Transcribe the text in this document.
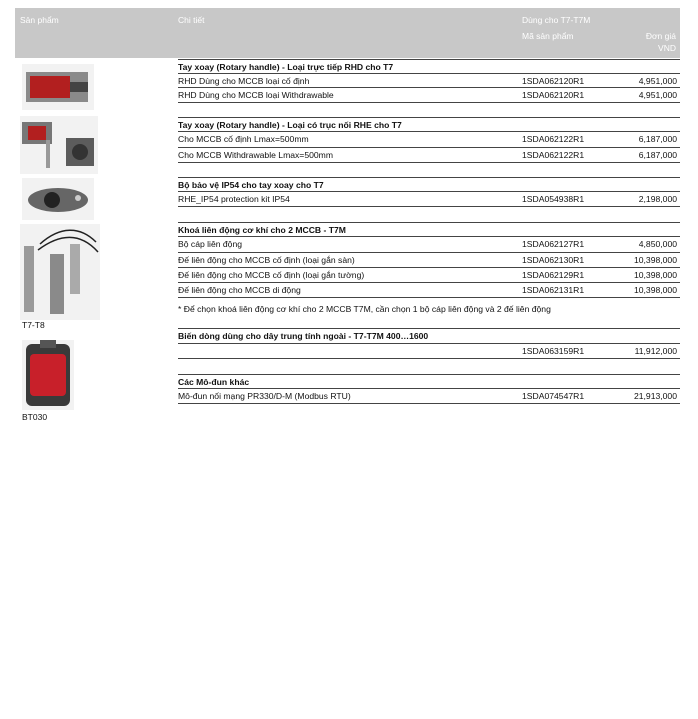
Sản phẩm	Chi tiết	Dùng cho T7-T7M
Mã sản phẩm	Đơn giá
VND
T7-T8
BT030
Tay xoay (Rotary handle) - Loại trực tiếp RHD cho T7
RHD Dùng cho MCCB loại cố định	1SDA062120R1	4,951,000
RHD Dùng cho MCCB loại Withdrawable	1SDA062120R1	4,951,000
Tay xoay (Rotary handle) - Loại có trục nối RHE cho T7
Cho MCCB cố định Lmax=500mm	1SDA062122R1	6,187,000
Cho MCCB Withdrawable Lmax=500mm	1SDA062122R1	6,187,000
Bộ bảo vệ IP54 cho tay xoay cho T7
RHE_IP54 protection kit IP54	1SDA054938R1	2,198,000
Khoá liên động cơ khí cho 2 MCCB - T7M
Bộ cáp liên động	1SDA062127R1	4,850,000
Đế liên động cho MCCB cố định (loại gắn sàn)	1SDA062130R1	10,398,000
Đế liên động cho MCCB cố định (loại gắn tường)	1SDA062129R1	10,398,000
Đế liên động cho MCCB di động	1SDA062131R1	10,398,000
* Để chọn khoá liên động cơ khí cho 2 MCCB T7M, cần chọn 1 bộ cáp liên động và 2 đế liên động
Biến dòng dùng cho dây trung tính ngoài - T7-T7M 400…1600
1SDA063159R1	11,912,000
Các Mô-đun khác
Mô-đun nối mạng PR330/D-M (Modbus RTU)	1SDA074547R1	21,913,000
